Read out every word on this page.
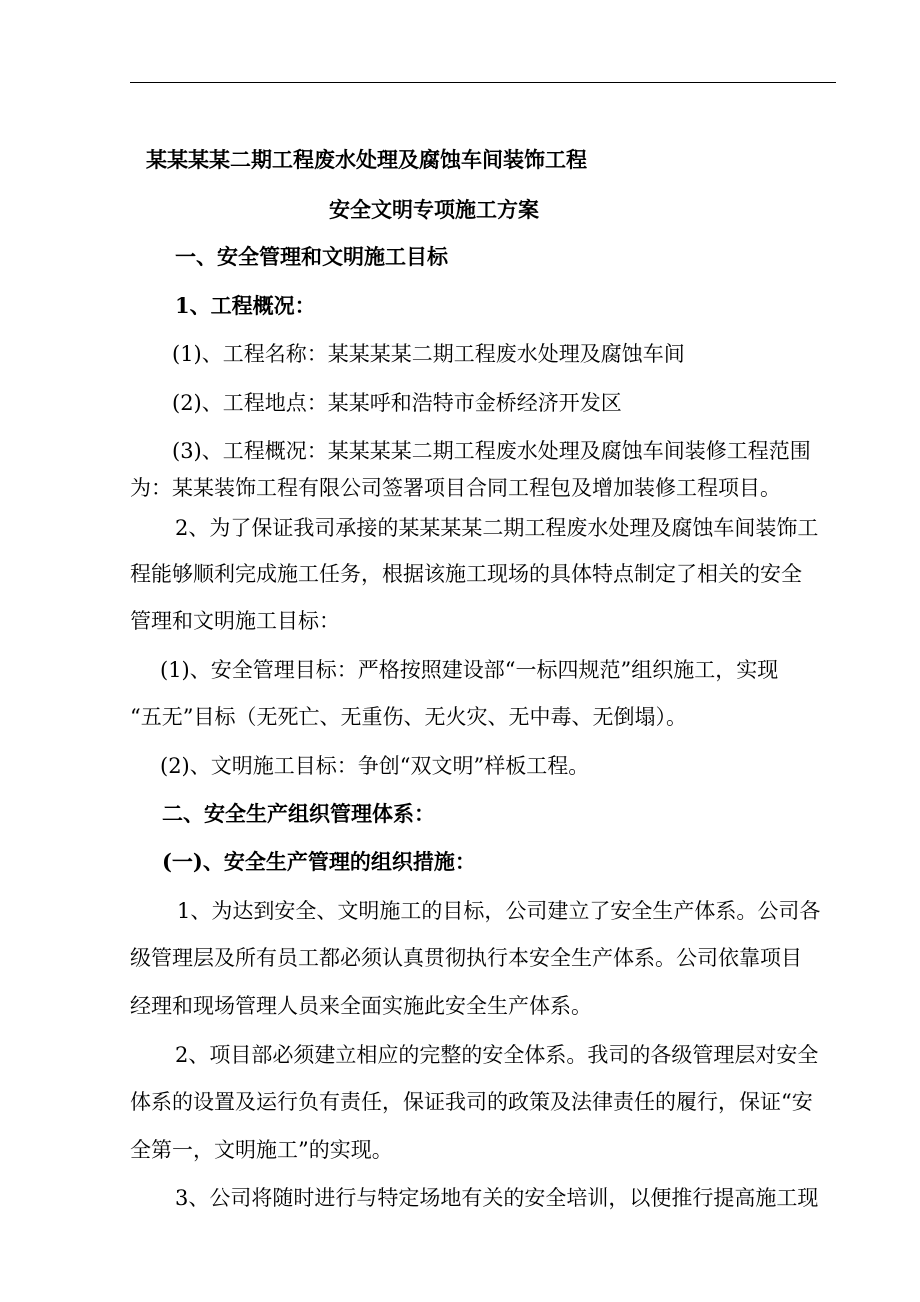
某某某某二期工程废水处理及腐蚀车间装饰工程
安全文明专项施工方案
一、安全管理和文明施工目标
1、工程概况：
(1)、工程名称：某某某某二期工程废水处理及腐蚀车间
(2)、工程地点：某某呼和浩特市金桥经济开发区
(3)、工程概况：某某某某二期工程废水处理及腐蚀车间装修工程范围
为：某某装饰工程有限公司签署项目合同工程包及增加装修工程项目。
2、为了保证我司承接的某某某某二期工程废水处理及腐蚀车间装饰工
程能够顺利完成施工任务，根据该施工现场的具体特点制定了相关的安全
管理和文明施工目标：
(1)、安全管理目标：严格按照建设部“一标四规范”组织施工，实现
“五无”目标（无死亡、无重伤、无火灾、无中毒、无倒塌）。
(2)、文明施工目标：争创“双文明”样板工程。
二、安全生产组织管理体系：
(一)、安全生产管理的组织措施：
1、为达到安全、文明施工的目标，公司建立了安全生产体系。公司各
级管理层及所有员工都必须认真贯彻执行本安全生产体系。公司依靠项目
经理和现场管理人员来全面实施此安全生产体系。
2、项目部必须建立相应的完整的安全体系。我司的各级管理层对安全
体系的设置及运行负有责任，保证我司的政策及法律责任的履行，保证“安
全第一，文明施工”的实现。
3、公司将随时进行与特定场地有关的安全培训，以便推行提高施工现
